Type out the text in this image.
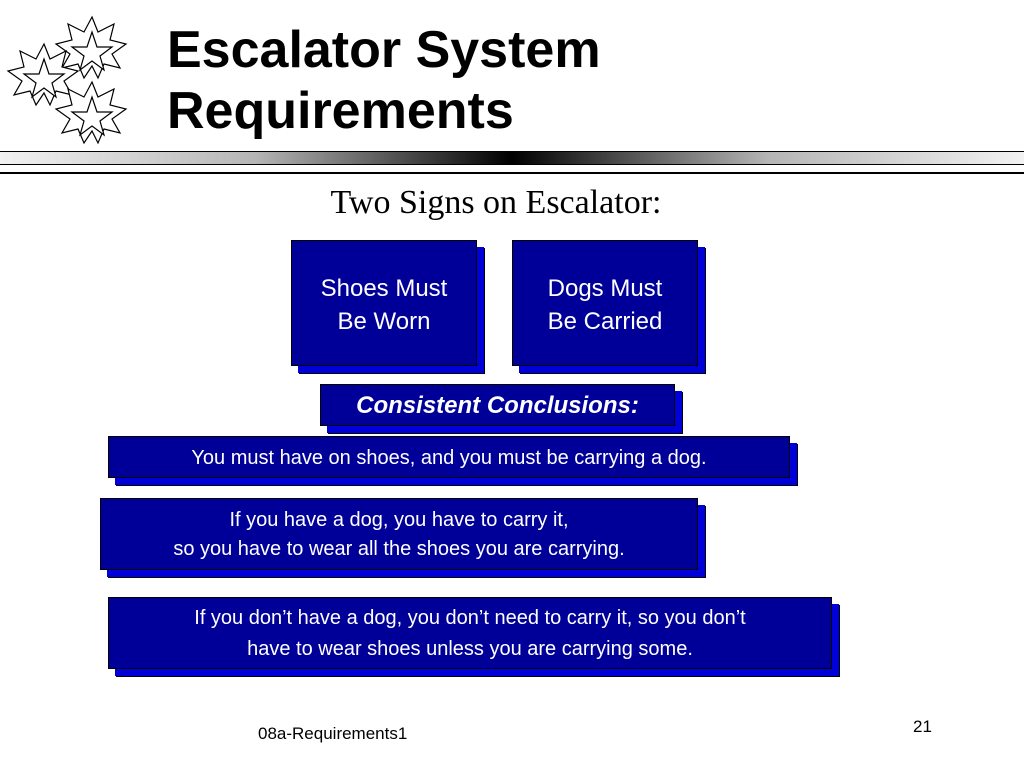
Escalator System
Requirements
Two Signs on Escalator:
Shoes Must
Be Worn
Dogs Must
Be Carried
Consistent Conclusions:
You must have on shoes, and you must be carrying a dog.
If you have a dog, you have to carry it,
so you have to wear all the shoes you are carrying.
If you don’t have a dog, you don’t need to carry it, so you don’t
have to wear shoes unless you are carrying some.
08a-Requirements1	21
